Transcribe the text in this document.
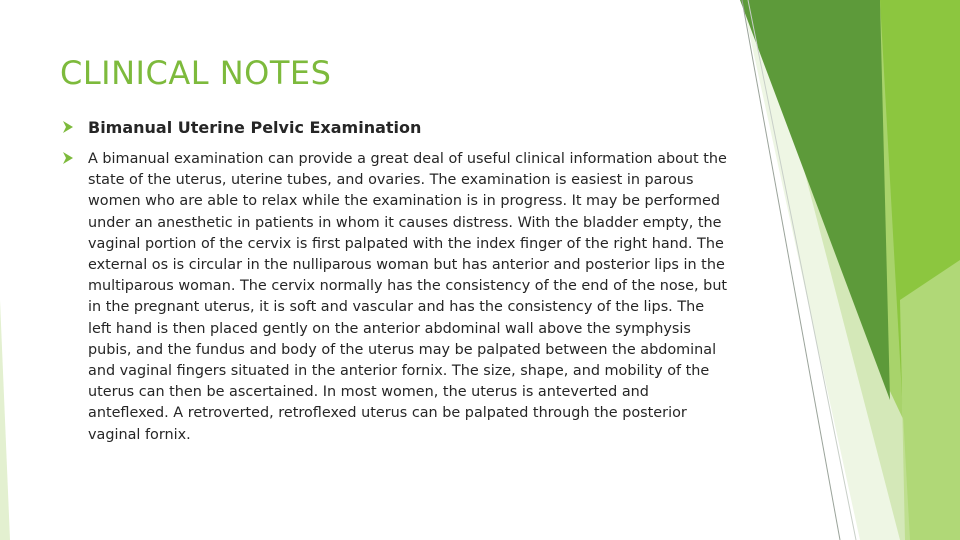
CLINICAL NOTES
Bimanual Uterine Pelvic Examination
A bimanual examination can provide a great deal of useful clinical information about the state of the uterus, uterine tubes, and ovaries. The examination is easiest in parous women who are able to relax while the examination is in progress. It may be performed under an anesthetic in patients in whom it causes distress. With the bladder empty, the vaginal portion of the cervix is first palpated with the index finger of the right hand. The external os is circular in the nulliparous woman but has anterior and posterior lips in the multiparous woman. The cervix normally has the consistency of the end of the nose, but in the pregnant uterus, it is soft and vascular and has the consistency of the lips. The left hand is then placed gently on the anterior abdominal wall above the symphysis pubis, and the fundus and body of the uterus may be palpated between the abdominal and vaginal fingers situated in the anterior fornix. The size, shape, and mobility of the uterus can then be ascertained. In most women, the uterus is anteverted and anteflexed. A retroverted, retroflexed uterus can be palpated through the posterior vaginal fornix.
